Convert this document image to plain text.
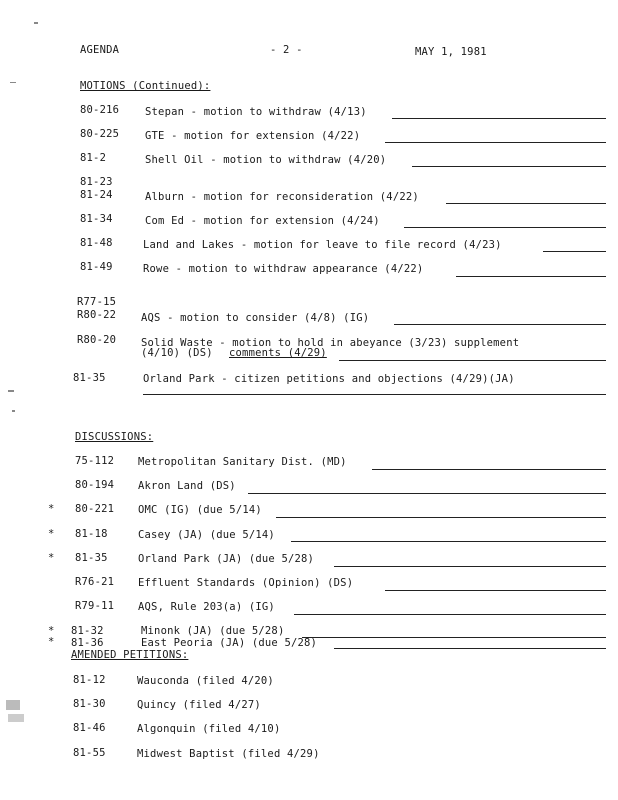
AGENDA	- 2 -	MAY 1, 1981
MOTIONS (Continued):
80-216 Stepan - motion to withdraw (4/13)
80-225 GTE - motion for extension (4/22)
81-2	Shell Oil - motion to withdraw (4/20)
81-23
81-24	Alburn - motion for reconsideration (4/22)
81-34	Com Ed - motion for extension (4/24)
81-48	Land and Lakes - motion for leave to file record (4/23)
81-49	Rowe - motion to withdraw appearance (4/22)
R77-15
R80-22 AQS - motion to consider (4/8) (IG)
R80-20 Solid Waste - motion to hold in abeyance (3/23) supplement
(4/10) (DS) comments (4/29)
81-35	Orland Park - citizen petitions and objections (4/29)(JA)
DISCUSSIONS:
75-112 Metropolitan Sanitary Dist. (MD)
80-194 Akron Land (DS)
* 80-221 OMC (IG) (due 5/14)
* 81-18	Casey (JA) (due 5/14)
* 81-35	Orland Park (JA) (due 5/28)
R76-21 Effluent Standards (Opinion) (DS)
R79-11 AQS, Rule 203(a) (IG)
* 81-32	Minonk (JA) (due 5/28)
* 81-36	East Peoria (JA) (due 5/28)
AMENDED PETITIONS:
81-12	Wauconda (filed 4/20)
81-30	Quincy (filed 4/27)
81-46	Algonquin (filed 4/10)
81-55	Midwest Baptist (filed 4/29)
